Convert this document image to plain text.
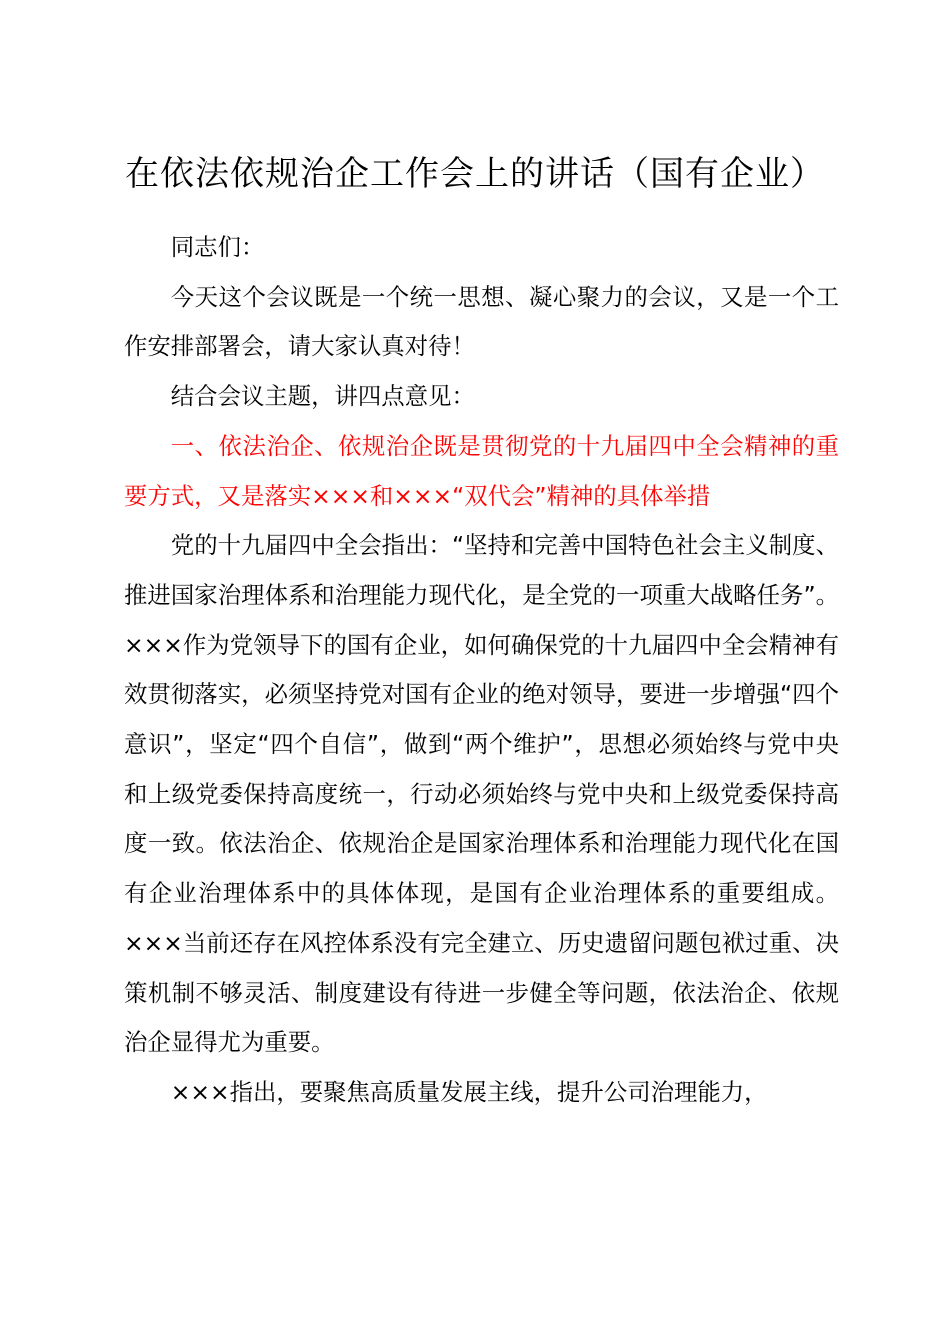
在依法依规治企工作会上的讲话（国有企业）

同志们：

今天这个会议既是一个统一思想、凝心聚力的会议，又是一个工作安排部署会，请大家认真对待！

结合会议主题，讲四点意见：

一、依法治企、依规治企既是贯彻党的十九届四中全会精神的重要方式，又是落实×××和×××“双代会”精神的具体举措

党的十九届四中全会指出：“坚持和完善中国特色社会主义制度、推进国家治理体系和治理能力现代化，是全党的一项重大战略任务”。×××作为党领导下的国有企业，如何确保党的十九届四中全会精神有效贯彻落实，必须坚持党对国有企业的绝对领导，要进一步增强“四个意识”，坚定“四个自信”，做到“两个维护”，思想必须始终与党中央和上级党委保持高度统一，行动必须始终与党中央和上级党委保持高度一致。依法治企、依规治企是国家治理体系和治理能力现代化在国有企业治理体系中的具体体现，是国有企业治理体系的重要组成。×××当前还存在风控体系没有完全建立、历史遗留问题包袱过重、决策机制不够灵活、制度建设有待进一步健全等问题，依法治企、依规治企显得尤为重要。

×××指出，要聚焦高质量发展主线，提升公司治理能力，
